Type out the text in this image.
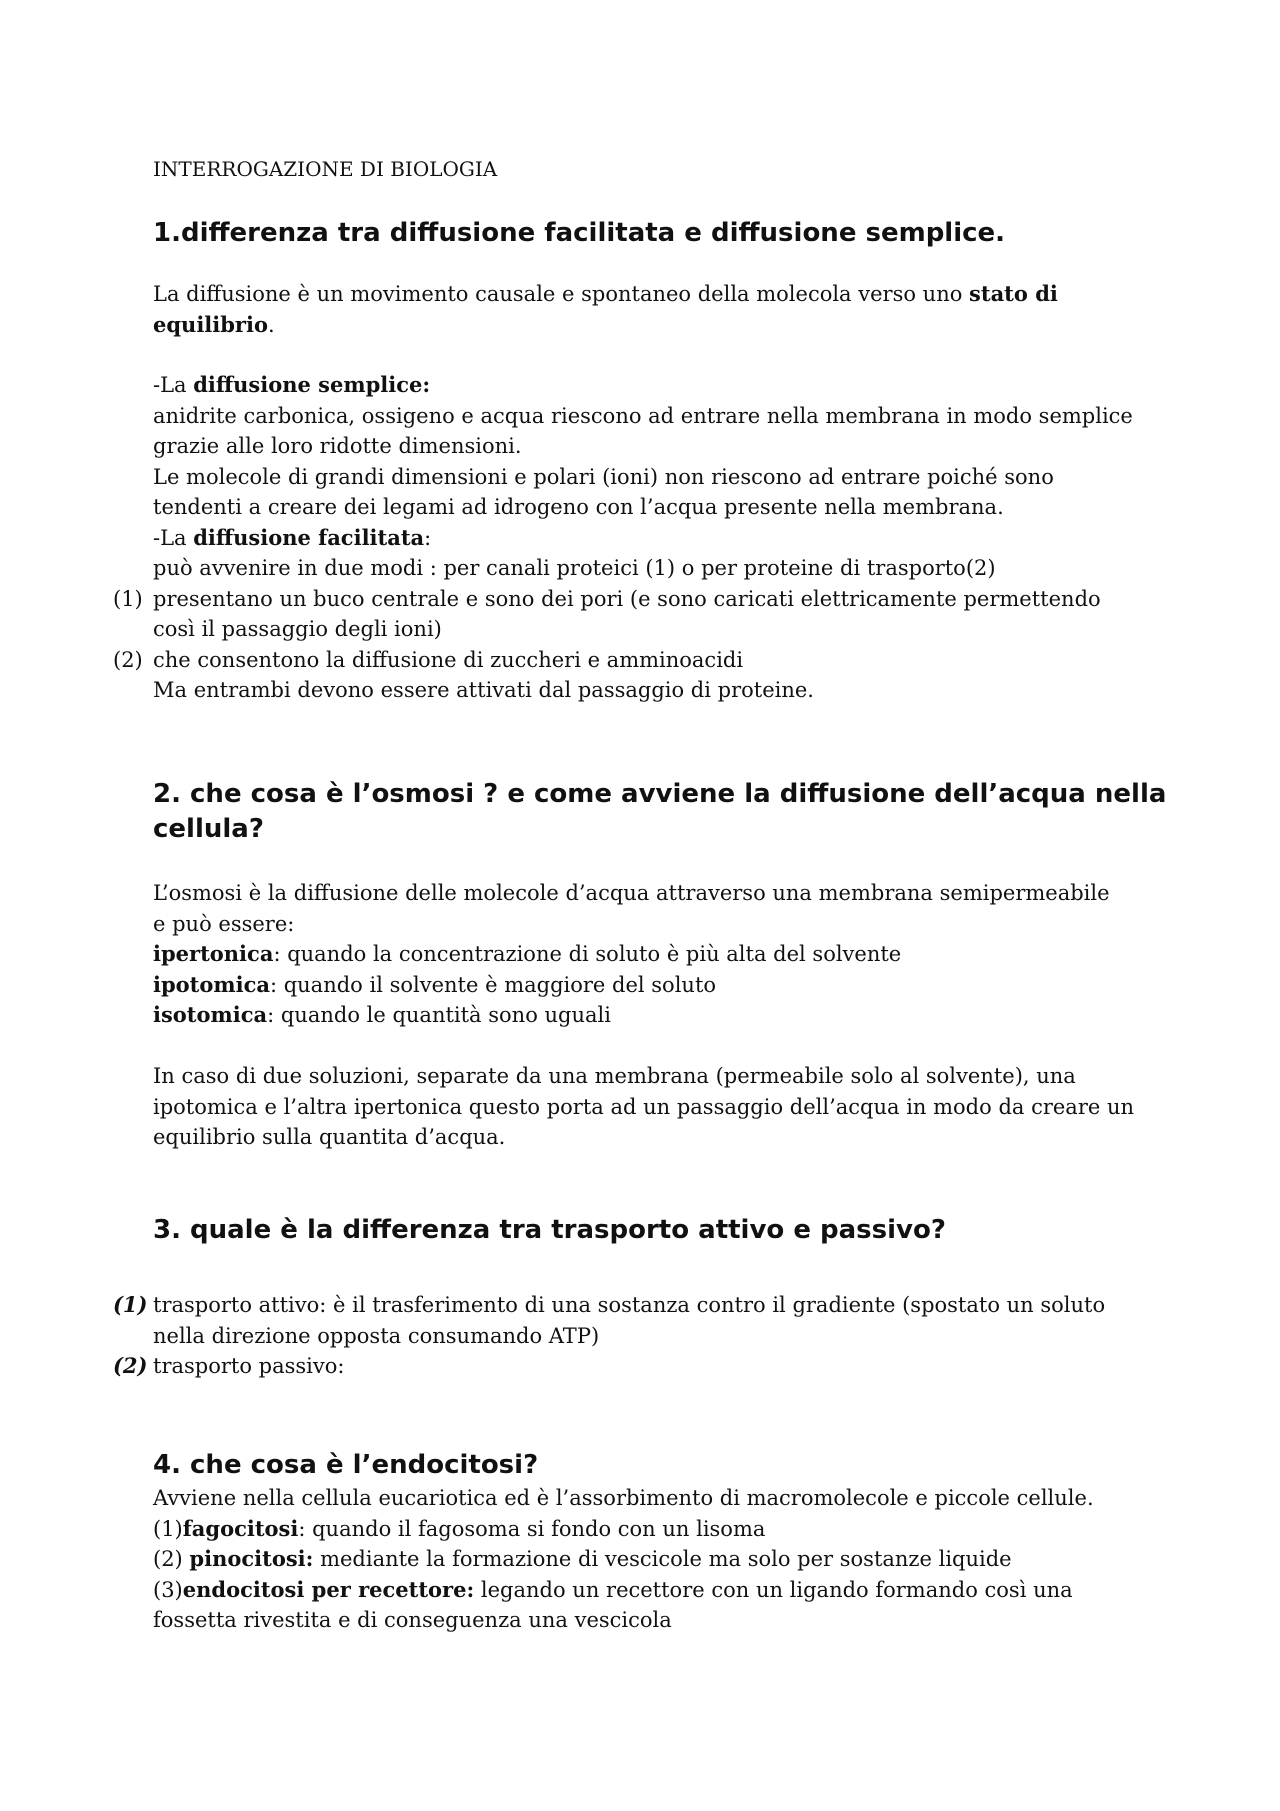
INTERROGAZIONE DI BIOLOGIA
1.differenza tra diffusione facilitata e diffusione semplice.
La diffusione è un movimento causale e spontaneo della molecola verso uno stato di
equilibrio.
-La diffusione semplice:
anidrite carbonica, ossigeno e acqua riescono ad entrare nella membrana in modo semplice
grazie alle loro ridotte dimensioni.
Le molecole di grandi dimensioni e polari (ioni) non riescono ad entrare poiché sono
tendenti a creare dei legami ad idrogeno con l’acqua presente nella membrana.
-La diffusione facilitata:
può avvenire in due modi : per canali proteici (1) o per proteine di trasporto(2)
(1) presentano un buco centrale e sono dei pori (e sono caricati elettricamente permettendo
così il passaggio degli ioni)
(2) che consentono la diffusione di zuccheri e amminoacidi
Ma entrambi devono essere attivati dal passaggio di proteine.
2. che cosa è l’osmosi ? e come avviene la diffusione dell’acqua nella
cellula?
L’osmosi è la diffusione delle molecole d’acqua attraverso una membrana semipermeabile
e può essere:
ipertonica: quando la concentrazione di soluto è più alta del solvente
ipotomica: quando il solvente è maggiore del soluto
isotomica: quando le quantità sono uguali
In caso di due soluzioni, separate da una membrana (permeabile solo al solvente), una
ipotomica e l’altra ipertonica questo porta ad un passaggio dell’acqua in modo da creare un
equilibrio sulla quantita d’acqua.
3. quale è la differenza tra trasporto attivo e passivo?
(1) trasporto attivo: è il trasferimento di una sostanza contro il gradiente (spostato un soluto
nella direzione opposta consumando ATP)
(2) trasporto passivo:
4. che cosa è l’endocitosi?
Avviene nella cellula eucariotica ed è l’assorbimento di macromolecole e piccole cellule.
(1)fagocitosi: quando il fagosoma si fondo con un lisoma
(2) pinocitosi: mediante la formazione di vescicole ma solo per sostanze liquide
(3)endocitosi per recettore: legando un recettore con un ligando formando così una
fossetta rivestita e di conseguenza una vescicola
